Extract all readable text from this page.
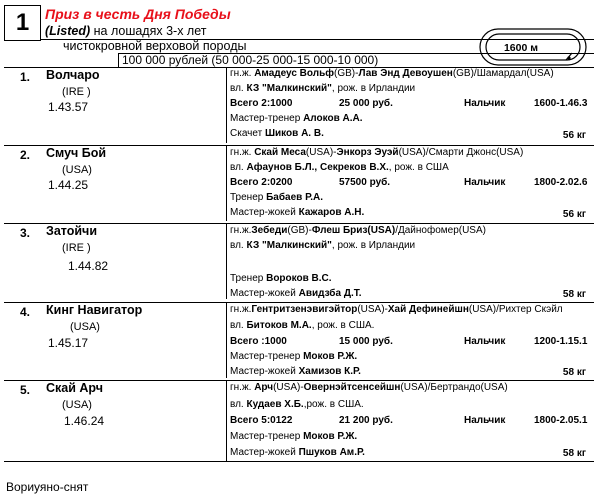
1	Приз в честь Дня Победы
(Listed) на лошадях 3-х лет
чистокровной верховой породы
100 000 рублей (50 000-25 000-15 000-10 000)
1600 м
1. Волчаро
(IRE )
1.43.57
гн.ж. Амадеус Вольф(GB)-Лав Энд Девоушен(GB)/Шамардал(USA)
вл. КЗ "Малкинский", рож. в Ирландии
Всего 2:1000	25 000 руб.	Нальчик	1600-1.46.3
Мастер-тренер Алоков А.А.
Скачет Шиков А. В.	56 кг
2. Смуч Бой
(USA)
1.44.25
гн.ж. Скай Меса(USA)-Энкорз Эуэй(USA)/Смарти Джонс(USA)
вл. Афаунов Б.Л., Секреков В.Х., рож. в США
Всего 2:0200	57500 руб.	Нальчик	1800-2.02.6
Тренер Бабаев Р.А.
Мастер-жокей Кажаров А.Н.	56 кг
3. Затойчи
(IRE )
1.44.82
гн.ж.Зебеди(GB)-Флеш Бриз(USA)/Дайнофомер(USA)
вл. КЗ "Малкинский", рож. в Ирландии
Тренер Вороков В.С.
Мастер-жокей Авидзба Д.Т.	58 кг
4. Кинг Навигатор
(USA)
1.45.17
гн.ж.Гентритзенэвигэйтор(USA)-Хай Дефинейшн(USA)/Рихтер Скэйл
вл. Битоков М.А., рож. в США.
Всего :1000	15 000 руб.	Нальчик	1200-1.15.1
Мастер-тренер Моков Р.Ж.
Мастер-жокей Хамизов К.Р.	58 кг
5. Скай Арч
(USA)
1.46.24
гн.ж. Арч(USA)-Овернэйтсенсейшн(USA)/Бертрандо(USA)
вл. Кудаев Х.Б.,рож. в США.
Всего 5:0122	21 200 руб.	Нальчик	1800-2.05.1
Мастер-тренер Моков Р.Ж.
Мастер-жокей Пшуков Ам.Р.	58 кг
Вориуяно-снят
